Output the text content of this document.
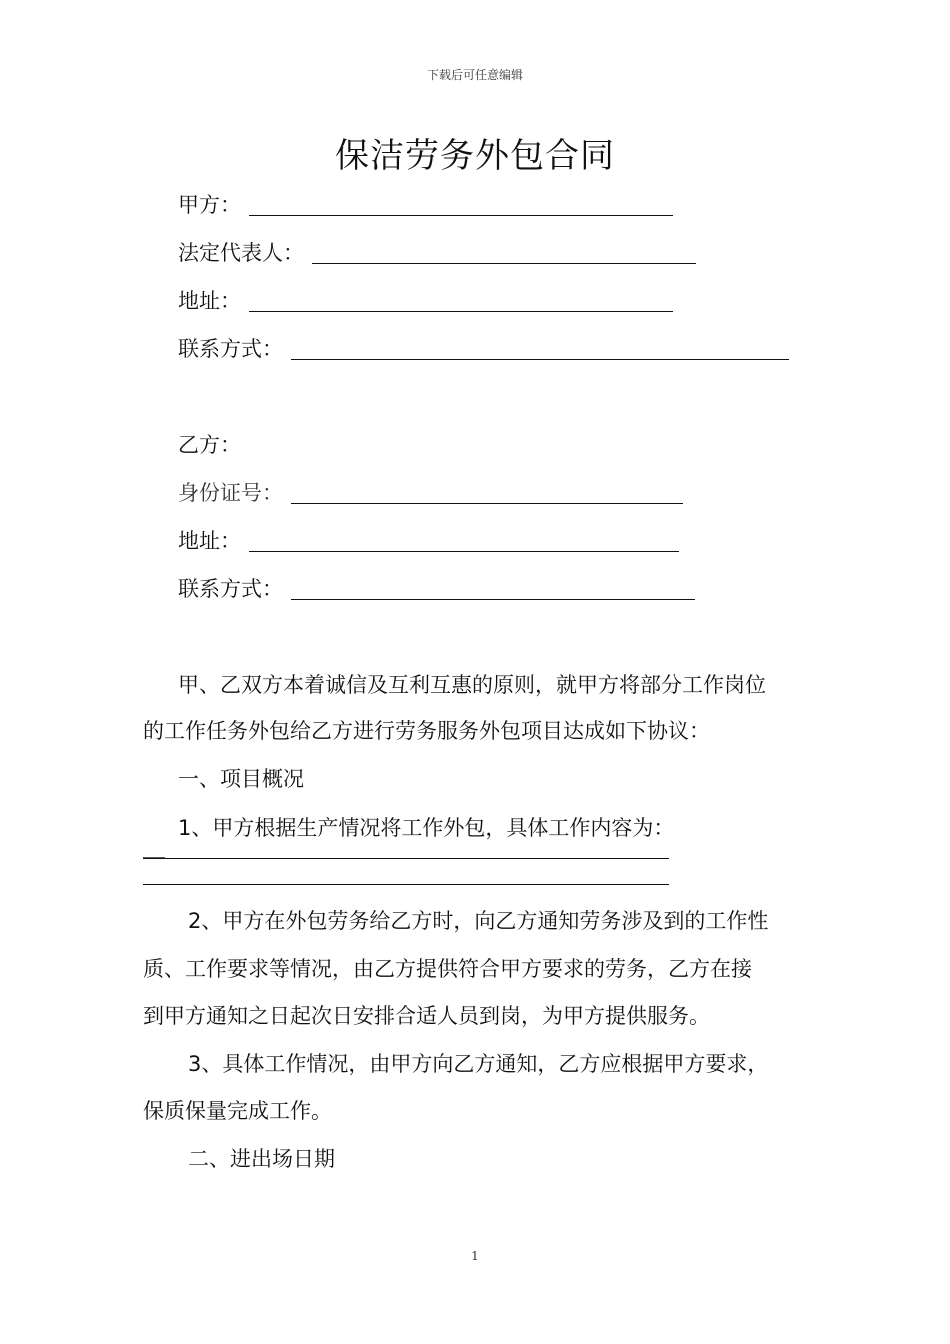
下载后可任意编辑
保洁劳务外包合同
甲方：
法定代表人：
地址：
联系方式：
乙方：
身份证号：
地址：
联系方式：
甲、乙双方本着诚信及互利互惠的原则，就甲方将部分工作岗位
的工作任务外包给乙方进行劳务服务外包项目达成如下协议：
一、项目概况
1、甲方根据生产情况将工作外包，具体工作内容为：
2、甲方在外包劳务给乙方时，向乙方通知劳务涉及到的工作性
质、工作要求等情况，由乙方提供符合甲方要求的劳务，乙方在接
到甲方通知之日起次日安排合适人员到岗，为甲方提供服务。
3、具体工作情况，由甲方向乙方通知，乙方应根据甲方要求，
保质保量完成工作。
二、进出场日期
1
